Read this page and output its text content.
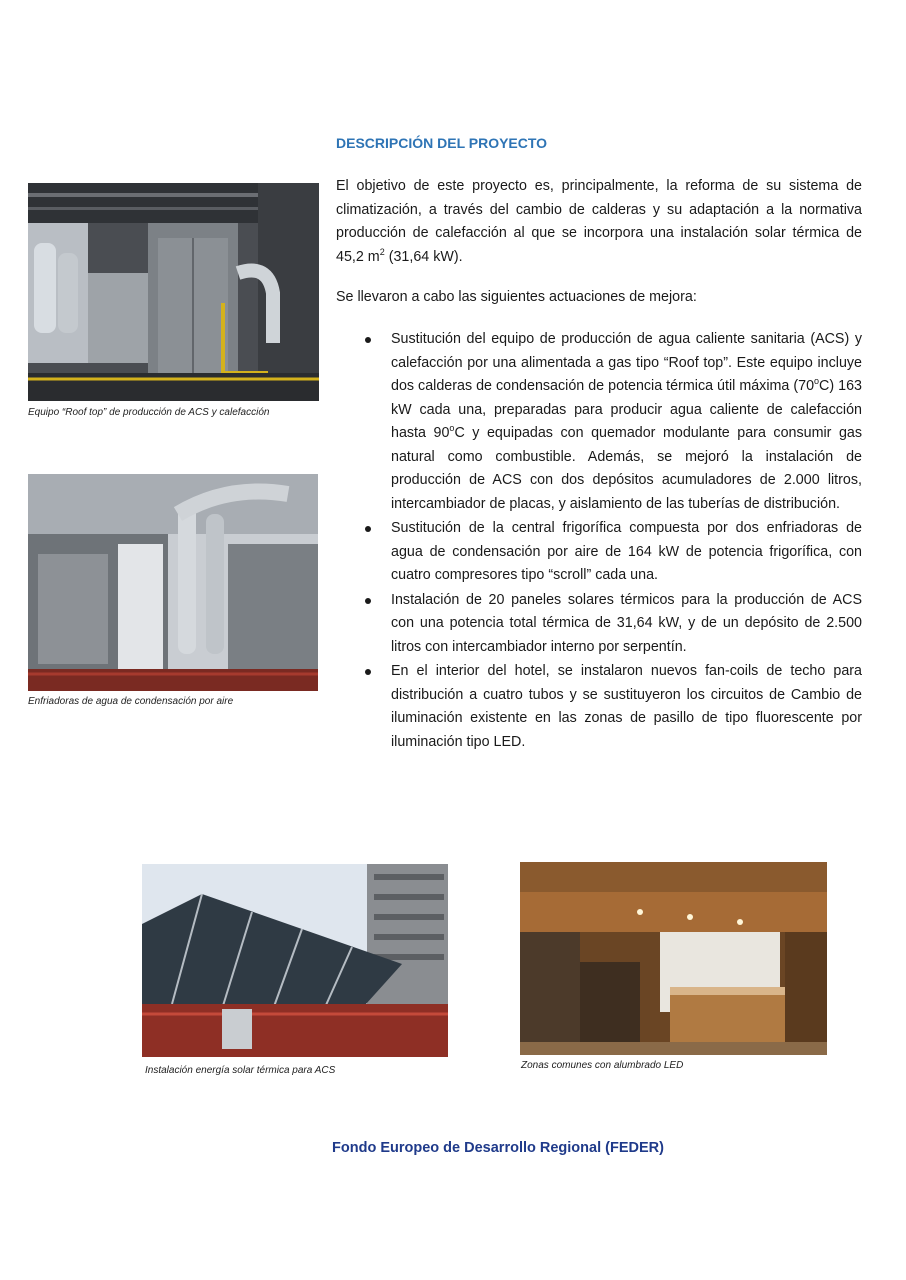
DESCRIPCIÓN DEL PROYECTO
El objetivo de este proyecto es, principalmente, la reforma de su sistema de climatización, a través del cambio de calderas y su adaptación a la normativa producción de calefacción al que se incorpora una instalación solar térmica de 45,2 $m^2$ (31,64 kW).
Se llevaron a cabo las siguientes actuaciones de mejora:
Sustitución del equipo de producción de agua caliente sanitaria (ACS) y calefacción por una alimentada a gas tipo “Roof top”. Este equipo incluye dos calderas de condensación de potencia térmica útil máxima (70$^o$C) 163 kW cada una, preparadas para producir agua caliente de calefacción hasta 90$^o$C y equipadas con quemador modulante para consumir gas natural como combustible. Además, se mejoró la instalación de producción de ACS con dos depósitos acumuladores de 2.000 litros, intercambiador de placas, y aislamiento de las tuberías de distribución.
Sustitución de la central frigorífica compuesta por dos enfriadoras de agua de condensación por aire de 164 kW de potencia frigorífica, con cuatro compresores tipo “scroll” cada una.
Instalación de 20 paneles solares térmicos para la producción de ACS con una potencia total térmica de 31,64 kW, y de un depósito de 2.500 litros con intercambiador interno por serpentín.
En el interior del hotel, se instalaron nuevos fan-coils de techo para distribución a cuatro tubos y se sustituyeron los circuitos de Cambio de iluminación existente en las zonas de pasillo de tipo fluorescente por iluminación tipo LED.
Equipo “Roof top” de producción de ACS y calefacción
Enfriadoras de agua de condensación por aire
Instalación energía solar térmica para ACS	Zonas comunes con alumbrado LED
Fondo Europeo de Desarrollo Regional (FEDER)
